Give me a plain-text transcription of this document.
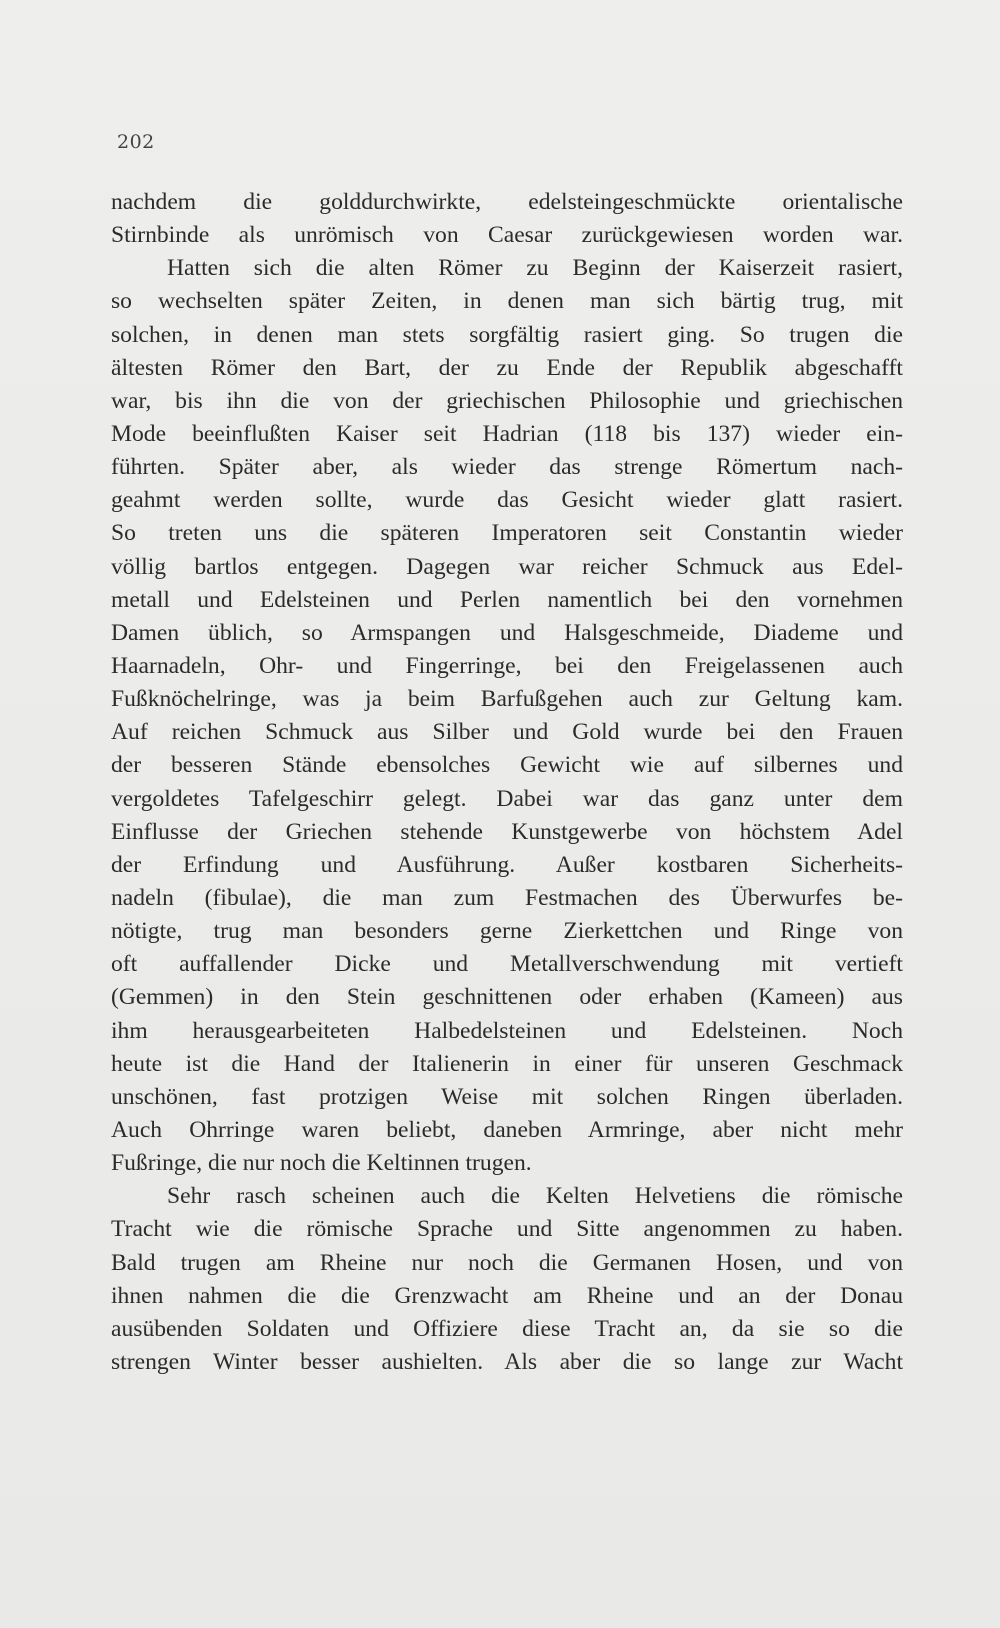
202
nachdem die golddurchwirkte, edelsteingeschmückte orientalische
Stirnbinde als unrömisch von Caesar zurückgewiesen worden war.
Hatten sich die alten Römer zu Beginn der Kaiserzeit rasiert,
so wechselten später Zeiten, in denen man sich bärtig trug, mit
solchen, in denen man stets sorgfältig rasiert ging. So trugen die
ältesten Römer den Bart, der zu Ende der Republik abgeschafft
war, bis ihn die von der griechischen Philosophie und griechischen
Mode beeinflußten Kaiser seit Hadrian (118 bis 137) wieder ein-
führten. Später aber, als wieder das strenge Römertum nach-
geahmt werden sollte, wurde das Gesicht wieder glatt rasiert.
So treten uns die späteren Imperatoren seit Constantin wieder
völlig bartlos entgegen. Dagegen war reicher Schmuck aus Edel-
metall und Edelsteinen und Perlen namentlich bei den vornehmen
Damen üblich, so Armspangen und Halsgeschmeide, Diademe und
Haarnadeln, Ohr- und Fingerringe, bei den Freigelassenen auch
Fußknöchelringe, was ja beim Barfußgehen auch zur Geltung kam.
Auf reichen Schmuck aus Silber und Gold wurde bei den Frauen
der besseren Stände ebensolches Gewicht wie auf silbernes und
vergoldetes Tafelgeschirr gelegt. Dabei war das ganz unter dem
Einflusse der Griechen stehende Kunstgewerbe von höchstem Adel
der Erfindung und Ausführung. Außer kostbaren Sicherheits-
nadeln (fibulae), die man zum Festmachen des Überwurfes be-
nötigte, trug man besonders gerne Zierkettchen und Ringe von
oft auffallender Dicke und Metallverschwendung mit vertieft
(Gemmen) in den Stein geschnittenen oder erhaben (Kameen) aus
ihm herausgearbeiteten Halbedelsteinen und Edelsteinen. Noch
heute ist die Hand der Italienerin in einer für unseren Geschmack
unschönen, fast protzigen Weise mit solchen Ringen überladen.
Auch Ohrringe waren beliebt, daneben Armringe, aber nicht mehr
Fußringe, die nur noch die Keltinnen trugen.
Sehr rasch scheinen auch die Kelten Helvetiens die römische
Tracht wie die römische Sprache und Sitte angenommen zu haben.
Bald trugen am Rheine nur noch die Germanen Hosen, und von
ihnen nahmen die die Grenzwacht am Rheine und an der Donau
ausübenden Soldaten und Offiziere diese Tracht an, da sie so die
strengen Winter besser aushielten. Als aber die so lange zur Wacht
